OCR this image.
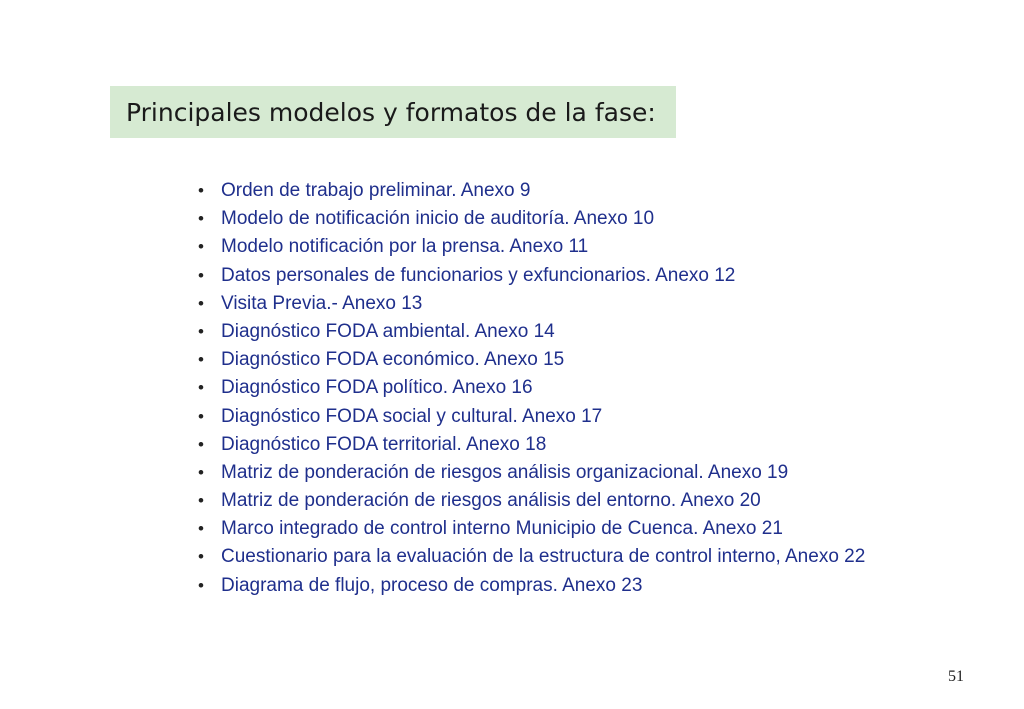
Principales modelos y formatos de la fase:
• Orden de trabajo preliminar. Anexo 9
• Modelo de notificación inicio de auditoría. Anexo 10
• Modelo notificación por la prensa. Anexo 11
• Datos personales de funcionarios y exfuncionarios. Anexo 12
• Visita Previa.- Anexo 13
• Diagnóstico FODA ambiental. Anexo 14
• Diagnóstico FODA económico. Anexo 15
• Diagnóstico FODA político. Anexo 16
• Diagnóstico FODA social y cultural. Anexo 17
• Diagnóstico FODA territorial. Anexo 18
• Matriz de ponderación de riesgos análisis organizacional. Anexo 19
• Matriz de ponderación de riesgos análisis del entorno. Anexo 20
• Marco integrado de control interno Municipio de Cuenca. Anexo 21
• Cuestionario para la evaluación de la estructura de control interno, Anexo 22
• Diagrama de flujo, proceso de compras. Anexo 23
51
